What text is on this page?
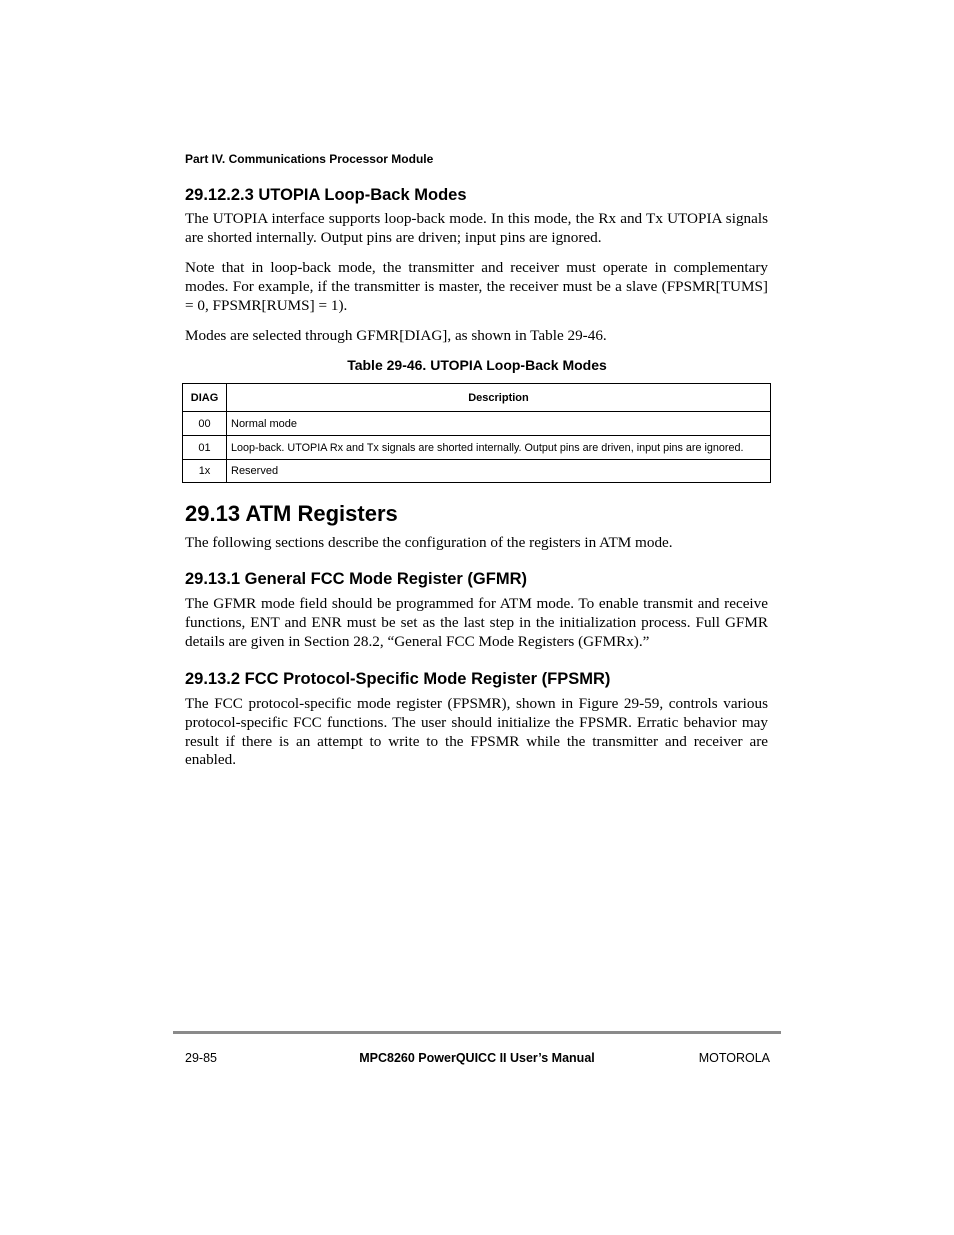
Part IV. Communications Processor Module
29.12.2.3 UTOPIA Loop-Back Modes

The UTOPIA interface supports loop-back mode. In this mode, the Rx and Tx UTOPIA signals are shorted internally. Output pins are driven; input pins are ignored.

Note that in loop-back mode, the transmitter and receiver must operate in complementary modes. For example, if the transmitter is master, the receiver must be a slave (FPSMR[TUMS] = 0, FPSMR[RUMS] = 1).

Modes are selected through GFMR[DIAG], as shown in Table 29-46.

Table 29-46. UTOPIA Loop-Back Modes
DIAG	Description
00	Normal mode
01	Loop-back. UTOPIA Rx and Tx signals are shorted internally. Output pins are driven, input pins are ignored.
1x	Reserved
29.13 ATM Registers

The following sections describe the configuration of the registers in ATM mode.

29.13.1 General FCC Mode Register (GFMR)

The GFMR mode field should be programmed for ATM mode. To enable transmit and receive functions, ENT and ENR must be set as the last step in the initialization process. Full GFMR details are given in Section 28.2, “General FCC Mode Registers (GFMRx).”

29.13.2 FCC Protocol-Specific Mode Register (FPSMR)

The FCC protocol-specific mode register (FPSMR), shown in Figure 29-59, controls various protocol-specific FCC functions. The user should initialize the FPSMR. Erratic behavior may result if there is an attempt to write to the FPSMR while the transmitter and receiver are enabled.

29-85	MPC8260 PowerQUICC II User’s Manual	MOTOROLA
